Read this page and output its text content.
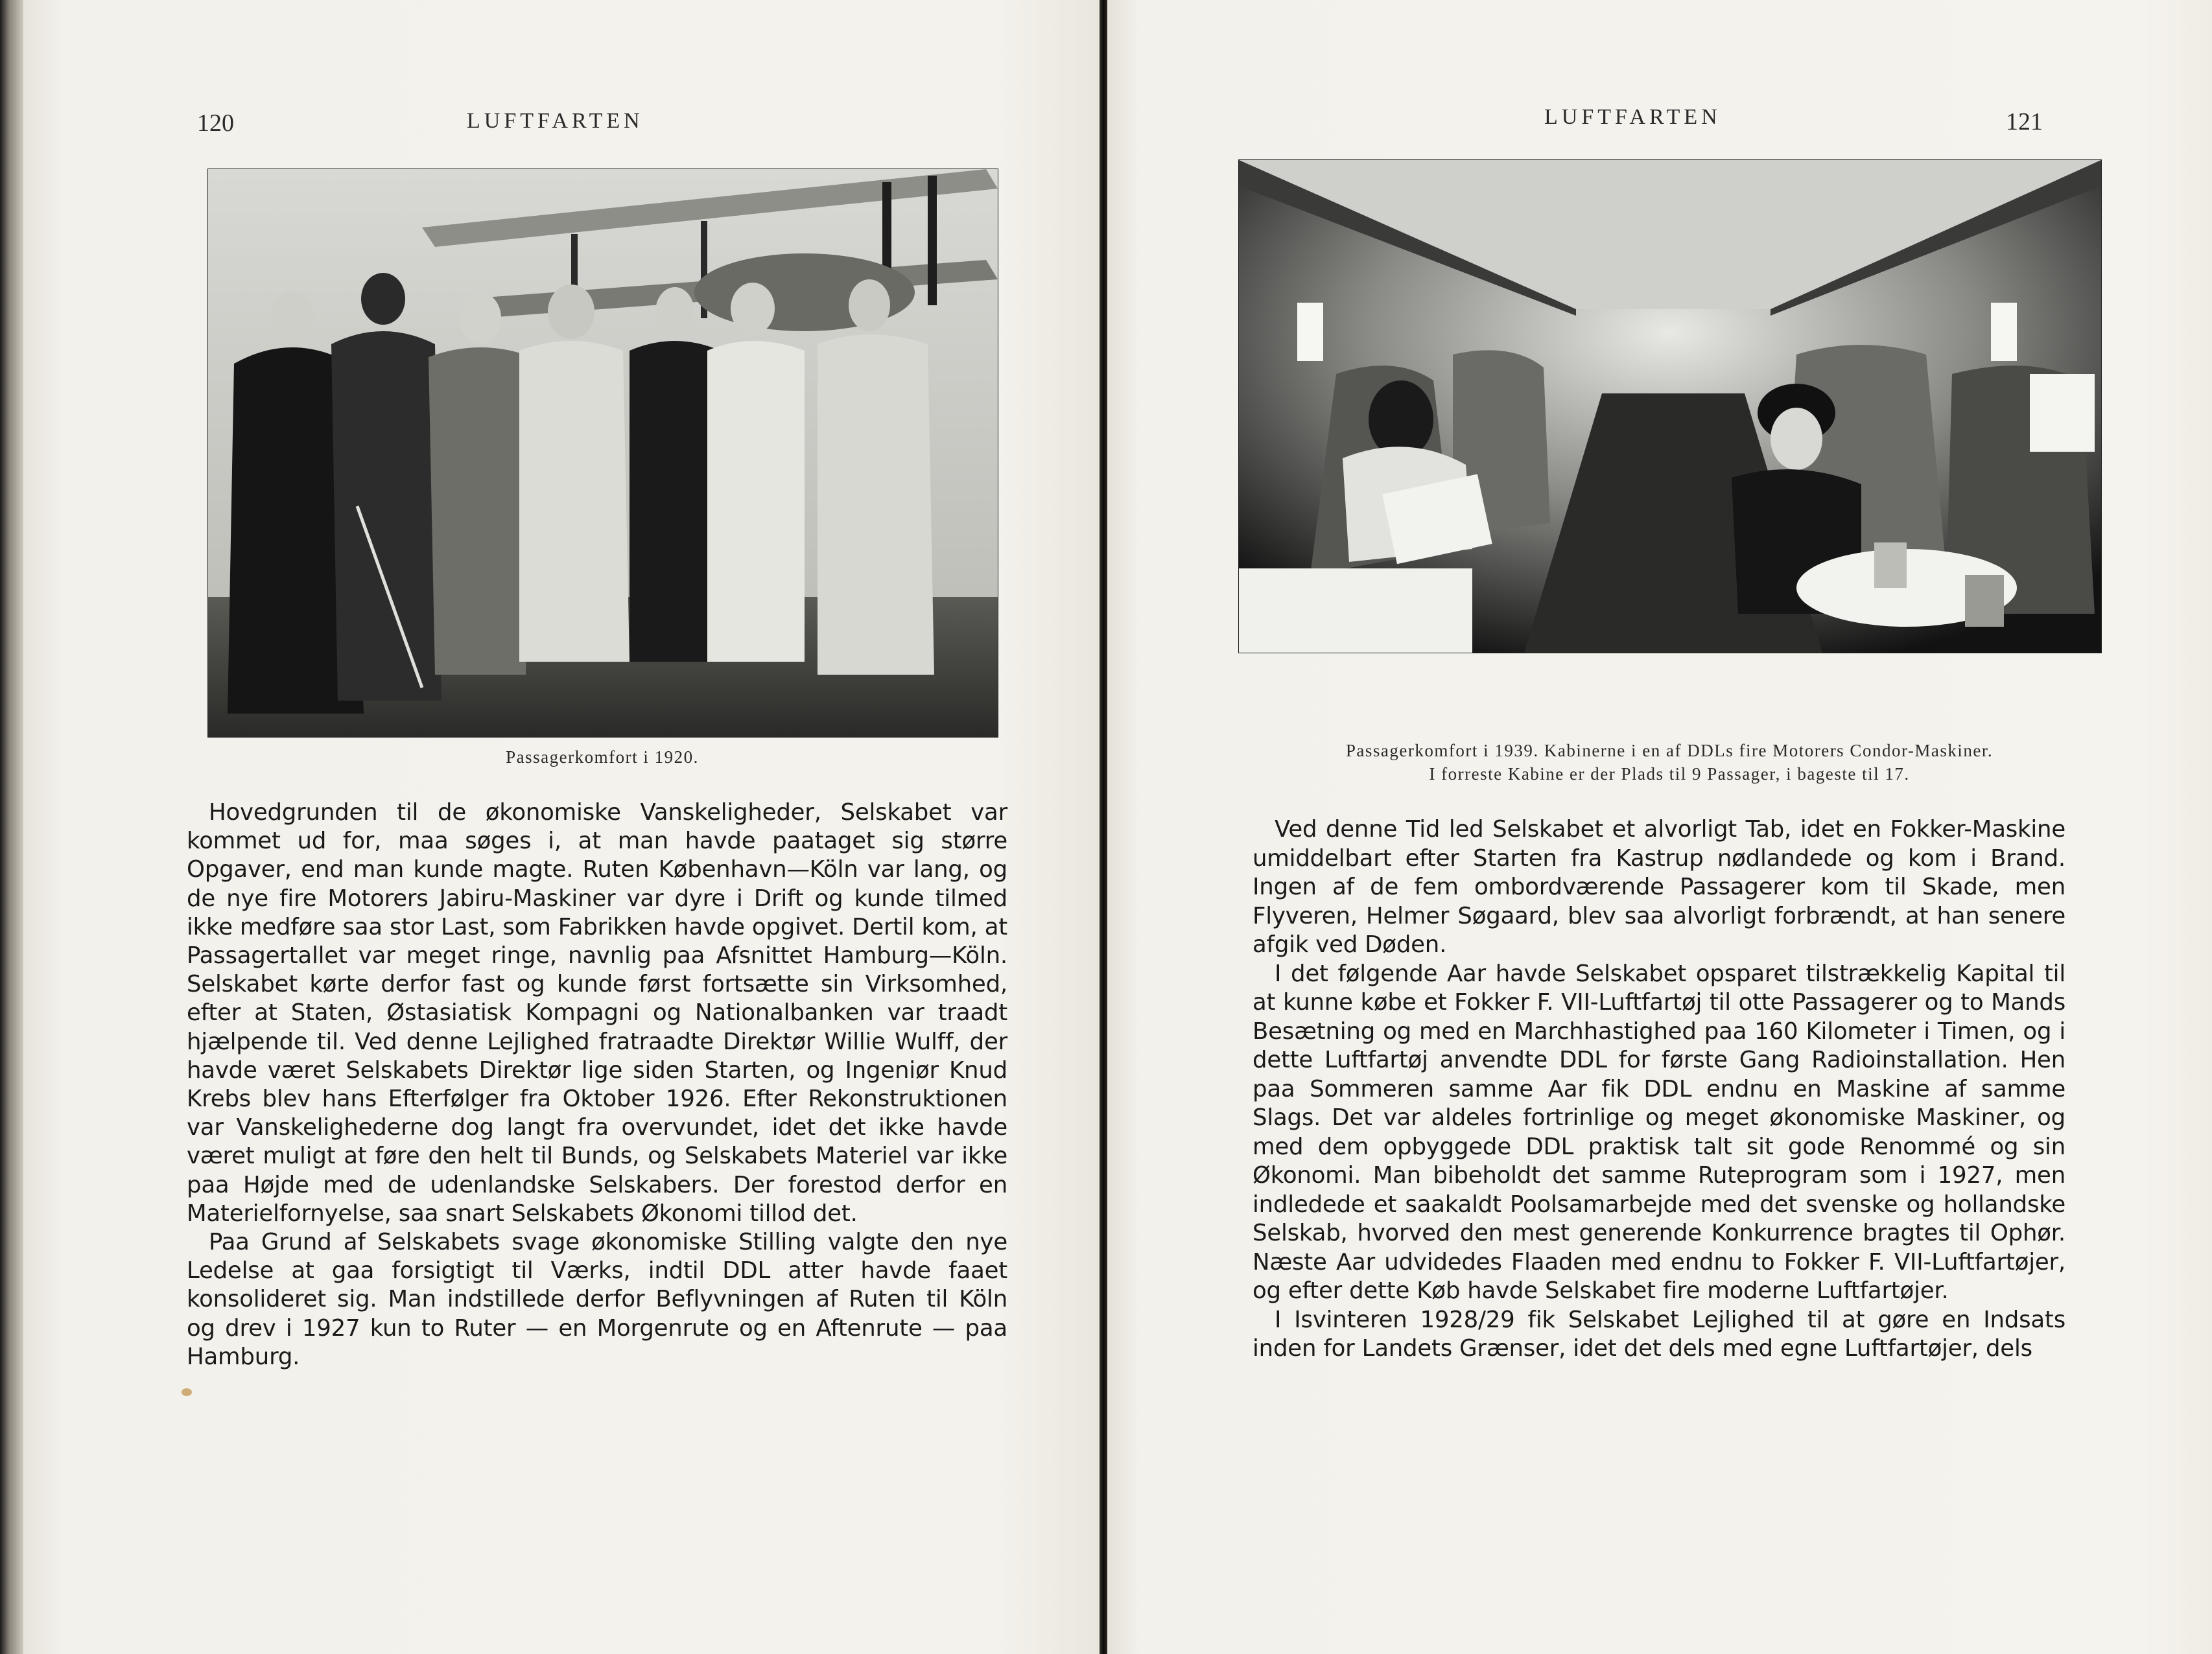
120	LUFTFARTEN
Passagerkomfort i 1920.

Hovedgrunden til de økonomiske Vanskeligheder, Selskabet var kommet ud for, maa søges i, at man havde paataget sig større Opgaver, end man kunde magte. Ruten København—Köln var lang, og de nye fire Motorers Jabiru-Maskiner var dyre i Drift og kunde tilmed ikke medføre saa stor Last, som Fabrikken havde opgivet. Dertil kom, at Passagertallet var meget ringe, navnlig paa Afsnittet Hamburg—Köln. Selskabet kørte derfor fast og kunde først fortsætte sin Virksomhed, efter at Staten, Østasiatisk Kompagni og Nationalbanken var traadt hjælpende til. Ved denne Lejlighed fratraadte Direktør Willie Wulff, der havde været Selskabets Direktør lige siden Starten, og Ingeniør Knud Krebs blev hans Efterfølger fra Oktober 1926. Efter Rekonstruktionen var Vanskelighederne dog langt fra overvundet, idet det ikke havde været muligt at føre den helt til Bunds, og Selskabets Materiel var ikke paa Højde med de udenlandske Selskabers. Der forestod derfor en Materielfornyelse, saa snart Selskabets Økonomi tillod det.

Paa Grund af Selskabets svage økonomiske Stilling valgte den nye Ledelse at gaa forsigtigt til Værks, indtil DDL atter havde faaet konsolideret sig. Man indstillede derfor Beflyvningen af Ruten til Köln og drev i 1927 kun to Ruter — en Morgenrute og en Aftenrute — paa Hamburg.

LUFTFARTEN	121
Passagerkomfort i 1939. Kabinerne i en af DDLs fire Motorers Condor-Maskiner.
I forreste Kabine er der Plads til 9 Passager, i bageste til 17.

Ved denne Tid led Selskabet et alvorligt Tab, idet en Fokker-Maskine umiddelbart efter Starten fra Kastrup nødlandede og kom i Brand. Ingen af de fem ombordværende Passagerer kom til Skade, men Flyveren, Helmer Søgaard, blev saa alvorligt forbrændt, at han senere afgik ved Døden.

I det følgende Aar havde Selskabet opsparet tilstrækkelig Kapital til at kunne købe et Fokker F. VII-Luftfartøj til otte Passagerer og to Mands Besætning og med en Marchhastighed paa 160 Kilometer i Timen, og i dette Luftfartøj anvendte DDL for første Gang Radioinstallation. Hen paa Sommeren samme Aar fik DDL endnu en Maskine af samme Slags. Det var aldeles fortrinlige og meget økonomiske Maskiner, og med dem opbyggede DDL praktisk talt sit gode Renommé og sin Økonomi. Man bibeholdt det samme Ruteprogram som i 1927, men indledede et saakaldt Poolsamarbejde med det svenske og hollandske Selskab, hvorved den mest generende Konkurrence bragtes til Ophør. Næste Aar udvidedes Flaaden med endnu to Fokker F. VII-Luftfartøjer, og efter dette Køb havde Selskabet fire moderne Luftfartøjer.

I Isvinteren 1928/29 fik Selskabet Lejlighed til at gøre en Indsats inden for Landets Grænser, idet det dels med egne Luftfartøjer, dels
